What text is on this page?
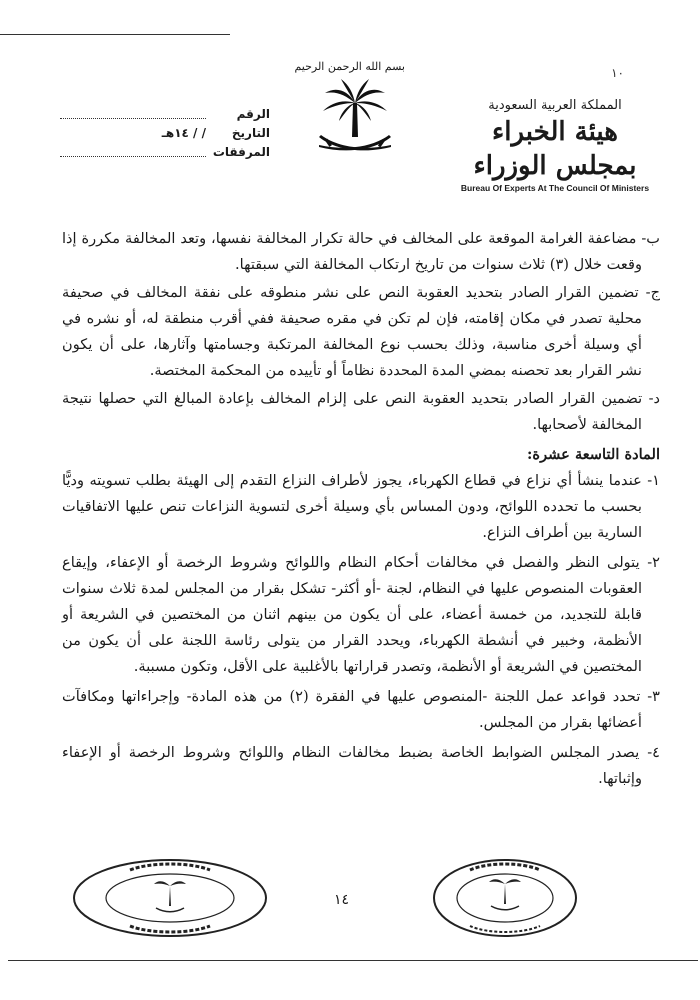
١٠
المملكة العربية السعودية
هيئة الخبراء بمجلس الوزراء
Bureau Of Experts At The Council Of Ministers
بسم الله الرحمن الرحيم
الرقم
التاريخ
/ / ١٤هـ
المرفقات

ب- مضاعفة الغرامة الموقعة على المخالف في حالة تكرار المخالفة نفسها، وتعد المخالفة مكررة إذا وقعت خلال (٣) ثلاث سنوات من تاريخ ارتكاب المخالفة التي سبقتها.

ج- تضمين القرار الصادر بتحديد العقوبة النص على نشر منطوقه على نفقة المخالف في صحيفة محلية تصدر في مكان إقامته، فإن لم تكن في مقره صحيفة ففي أقرب منطقة له، أو نشره في أي وسيلة أخرى مناسبة، وذلك بحسب نوع المخالفة المرتكبة وجسامتها وآثارها، على أن يكون نشر القرار بعد تحصنه بمضي المدة المحددة نظاماً أو تأييده من المحكمة المختصة.

د- تضمين القرار الصادر بتحديد العقوبة النص على إلزام المخالف بإعادة المبالغ التي حصلها نتيجة المخالفة لأصحابها.

المادة التاسعة عشرة:

١- عندما ينشأ أي نزاع في قطاع الكهرباء، يجوز لأطراف النزاع التقدم إلى الهيئة بطلب تسويته وديًّا بحسب ما تحدده اللوائح، ودون المساس بأي وسيلة أخرى لتسوية النزاعات تنص عليها الاتفاقيات السارية بين أطراف النزاع.

٢- يتولى النظر والفصل في مخالفات أحكام النظام واللوائح وشروط الرخصة أو الإعفاء، وإيقاع العقوبات المنصوص عليها في النظام، لجنة -أو أكثر- تشكل بقرار من المجلس لمدة ثلاث سنوات قابلة للتجديد، من خمسة أعضاء، على أن يكون من بينهم اثنان من المختصين في الشريعة أو الأنظمة، وخبير في أنشطة الكهرباء، ويحدد القرار من يتولى رئاسة اللجنة على أن يكون من المختصين في الشريعة أو الأنظمة، وتصدر قراراتها بالأغلبية على الأقل، وتكون مسببة.

٣- تحدد قواعد عمل اللجنة -المنصوص عليها في الفقرة (٢) من هذه المادة- وإجراءاتها ومكافآت أعضائها بقرار من المجلس.

٤- يصدر المجلس الضوابط الخاصة بضبط مخالفات النظام واللوائح وشروط الرخصة أو الإعفاء وإثباتها.

١٤
